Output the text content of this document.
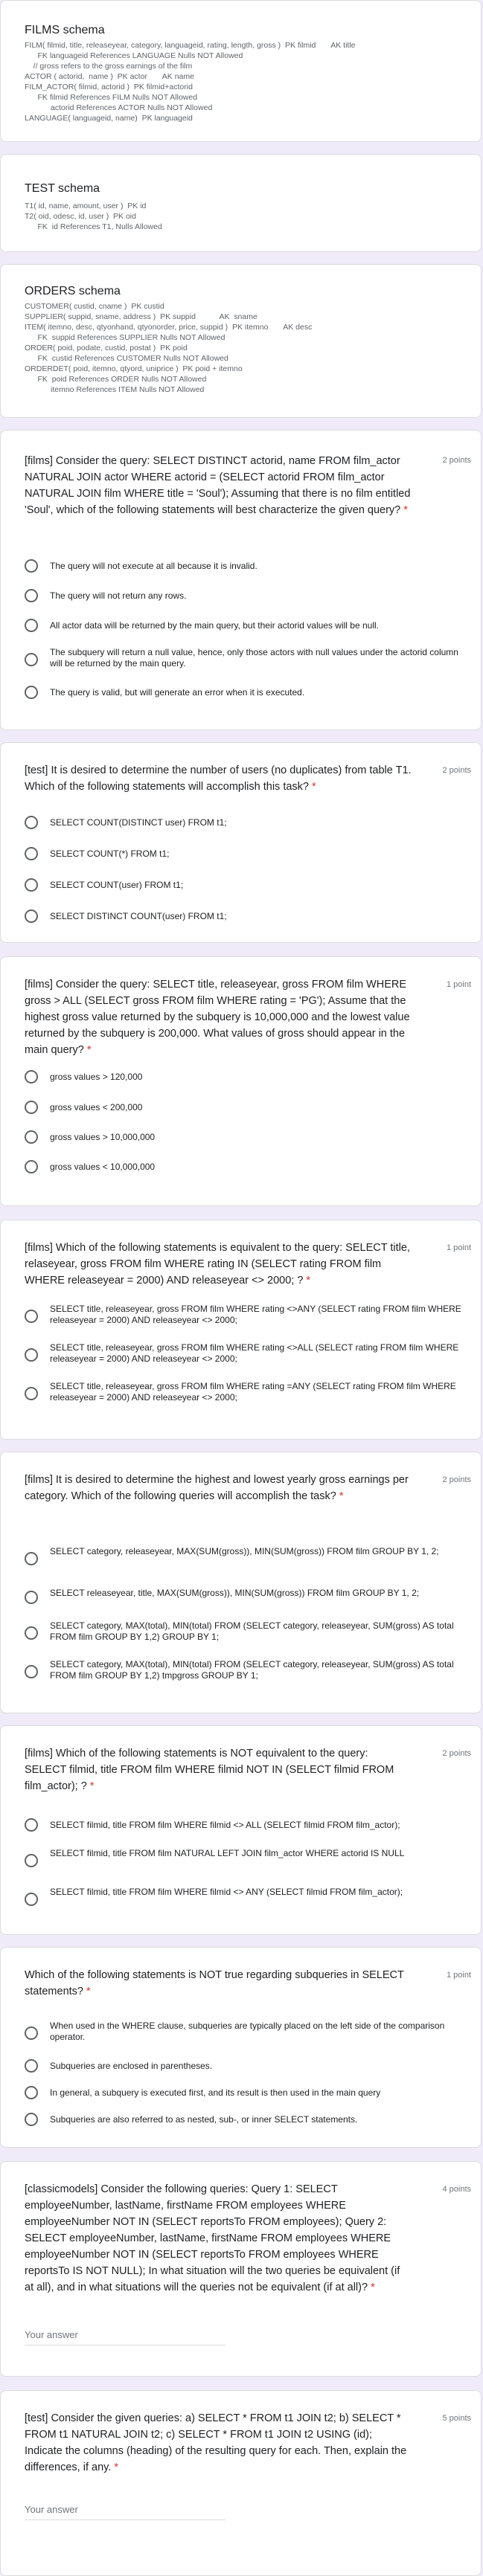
FILMS schema
FILM( filmid, title, releaseyear, category, languageid, rating, length, gross )  PK filmid       AK title
FK languageid References LANGUAGE Nulls NOT Allowed
// gross refers to the gross earnings of the film
ACTOR ( actorid,  name )  PK actor       AK name
FILM_ACTOR( filmid, actorid )  PK filmid+actorid
FK filmid References FILM Nulls NOT Allowed
actorid References ACTOR Nulls NOT Allowed
LANGUAGE( languageid, name)  PK languageid
TEST schema
T1( id, name, amount, user )  PK id
T2( oid, odesc, id, user )  PK oid
FK  id References T1, Nulls Allowed
ORDERS schema
CUSTOMER( custid, cname )  PK custid
SUPPLIER( suppid, sname, address )  PK suppid           AK  sname
ITEM( itemno, desc, qtyonhand, qtyonorder, price, suppid )  PK itemno       AK desc
FK  suppid References SUPPLIER Nulls NOT Allowed
ORDER( poid, podate, custid, postat )  PK poid
FK  custid References CUSTOMER Nulls NOT Allowed
ORDERDET( poid, itemno, qtyord, uniprice )  PK poid + itemno
FK  poid References ORDER Nulls NOT Allowed
itemno References ITEM Nulls NOT Allowed
[films] Consider the query: SELECT DISTINCT actorid, name FROM film_actor NATURAL JOIN actor WHERE actorid = (SELECT actorid FROM film_actor NATURAL JOIN film WHERE title = 'Soul'); Assuming that there is no film entitled 'Soul', which of the following statements will best characterize the given query? *
2 points
The query will not execute at all because it is invalid.
The query will not return any rows.
All actor data will be returned by the main query, but their actorid values will be null.
The subquery will return a null value, hence, only those actors with null values under the actorid column will be returned by the main query.
The query is valid, but will generate an error when it is executed.
[test] It is desired to determine the number of users (no duplicates) from table T1. Which of the following statements will accomplish this task? *
2 points
SELECT COUNT(DISTINCT user) FROM t1;
SELECT COUNT(*) FROM t1;
SELECT COUNT(user) FROM t1;
SELECT DISTINCT COUNT(user) FROM t1;
[films] Consider the query: SELECT title, releaseyear, gross FROM film WHERE gross > ALL (SELECT gross FROM film WHERE rating = 'PG'); Assume that the highest gross value returned by the subquery is 10,000,000 and the lowest value returned by the subquery is 200,000. What values of gross should appear in the main query? *
1 point
gross values > 120,000
gross values < 200,000
gross values > 10,000,000
gross values < 10,000,000
[films] Which of the following statements is equivalent to the query: SELECT title, relaseyear, gross FROM film WHERE rating IN (SELECT rating FROM film WHERE releaseyear = 2000) AND releaseyear <> 2000; ? *
1 point
SELECT title, releaseyear, gross FROM film WHERE rating <>ANY (SELECT rating FROM film WHERE releaseyear = 2000) AND releaseyear <> 2000;
SELECT title, releaseyear, gross FROM film WHERE rating <>ALL (SELECT rating FROM film WHERE releaseyear = 2000) AND releaseyear <> 2000;
SELECT title, releaseyear, gross FROM film WHERE rating =ANY (SELECT rating FROM film WHERE releaseyear = 2000) AND releaseyear <> 2000;
[films] It is desired to determine the highest and lowest yearly gross earnings per category. Which of the following queries will accomplish the task? *
2 points
SELECT category, releaseyear, MAX(SUM(gross)), MIN(SUM(gross)) FROM film GROUP BY 1, 2;
SELECT releaseyear, title, MAX(SUM(gross)), MIN(SUM(gross)) FROM film GROUP BY 1, 2;
SELECT category, MAX(total), MIN(total) FROM (SELECT category, releaseyear, SUM(gross) AS total FROM film GROUP BY 1,2) GROUP BY 1;
SELECT category, MAX(total), MIN(total) FROM (SELECT category, releaseyear, SUM(gross) AS total FROM film GROUP BY 1,2) tmpgross GROUP BY 1;
[films] Which of the following statements is NOT equivalent to the query: SELECT filmid, title FROM film WHERE filmid NOT IN (SELECT filmid FROM film_actor); ? *
2 points
SELECT filmid, title FROM film WHERE filmid <> ALL (SELECT filmid FROM film_actor);
SELECT filmid, title FROM film NATURAL LEFT JOIN film_actor WHERE actorid IS NULL
SELECT filmid, title FROM film WHERE filmid <> ANY (SELECT filmid FROM film_actor);
Which of the following statements is NOT true regarding subqueries in SELECT statements? *
1 point
When used in the WHERE clause, subqueries are typically placed on the left side of the comparison operator.
Subqueries are enclosed in parentheses.
In general, a subquery is executed first, and its result is then used in the main query
Subqueries are also referred to as nested, sub-, or inner SELECT statements.
[classicmodels] Consider the following queries: Query 1: SELECT employeeNumber, lastName, firstName FROM employees WHERE employeeNumber NOT IN (SELECT reportsTo FROM employees); Query 2: SELECT employeeNumber, lastName, firstName FROM employees WHERE employeeNumber NOT IN (SELECT reportsTo FROM employees WHERE reportsTo IS NOT NULL); In what situation will the two queries be equivalent (if at all), and in what situations will the queries not be equivalent (if at all)? *
4 points
Your answer
[test] Consider the given queries: a) SELECT * FROM t1 JOIN t2; b) SELECT * FROM t1 NATURAL JOIN t2; c) SELECT * FROM t1 JOIN t2 USING (id); Indicate the columns (heading) of the resulting query for each. Then, explain the differences, if any. *
5 points
Your answer
